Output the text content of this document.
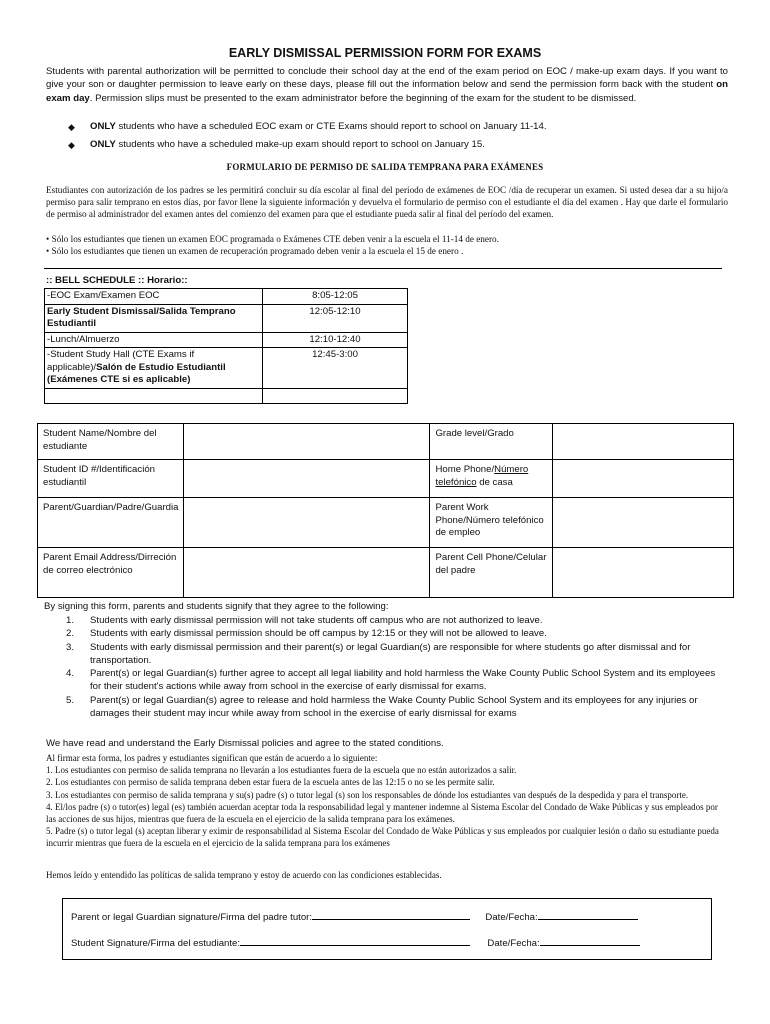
EARLY DISMISSAL PERMISSION FORM FOR EXAMS
Students with parental authorization will be permitted to conclude their school day at the end of the exam period on EOC / make-up exam days. If you want to give your son or daughter permission to leave early on these days, please fill out the information below and send the permission form back with the student on exam day. Permission slips must be presented to the exam administrator before the beginning of the exam for the student to be dismissed.
◆ ONLY students who have a scheduled EOC exam or CTE Exams should report to school on January 11-14.
◆ ONLY students who have a scheduled make-up exam should report to school on January 15.
FORMULARIO DE PERMISO DE SALIDA TEMPRANA PARA EXÁMENES
Estudiantes con autorización de los padres se les permitirá concluir su día escolar al final del período de exámenes de EOC /día de recuperar un examen. Si usted desea dar a su hijo/a permiso para salir temprano en estos días, por favor llene la siguiente información y devuelva el formulario de permiso con el estudiante el día del examen . Hay que darle el formulario de permiso al administrador del examen antes del comienzo del examen para que el estudiante pueda salir al final del período del examen.
• Sólo los estudiantes que tienen un examen EOC programada o Exámenes CTE deben venir a la escuela el 11-14 de enero.
• Sólo los estudiantes que tienen un examen de recuperación programado deben venir a la escuela el 15 de enero .
:: BELL SCHEDULE :: Horario::
-EOC Exam/Examen EOC	8:05-12:05
Early Student Dismissal/Salida Temprano Estudiantil	12:05-12:10
-Lunch/Almuerzo	12:10-12:40
-Student Study Hall (CTE Exams if applicable)/Salón de Estudio Estudiantil (Exámenes CTE si es aplicable)	12:45-3:00

Student Name/Nombre del estudiante		Grade level/Grado	
Student ID #/Identificación estudiantil		Home Phone/Número
telefónico de casa	
Parent/Guardian/Padre/Guardia		Parent Work Phone/Número telefónico de empleo	
Parent Email Address/Dirreción de correo electrónico		Parent Cell Phone/Celular del padre	
By signing this form, parents and students signify that they agree to the following:
1. Students with early dismissal permission will not take students off campus who are not authorized to leave.
2. Students with early dismissal permission should be off campus by 12:15 or they will not be allowed to leave.
3. Students with early dismissal permission and their parent(s) or legal Guardian(s) are responsible for where students go after dismissal and for transportation.
4. Parent(s) or legal Guardian(s) further agree to accept all legal liability and hold harmless the Wake County Public School System and its employees for their student's actions while away from school in the exercise of early dismissal for exams.
5. Parent(s) or legal Guardian(s) agree to release and hold harmless the Wake County Public School System and its employees for any injuries or damages their student may incur while away from school in the exercise of early dismissal for exams
We have read and understand the Early Dismissal policies and agree to the stated conditions.
Al firmar esta forma, los padres y estudiantes significan que están de acuerdo a lo siguiente:
1. Los estudiantes con permiso de salida temprana no llevarán a los estudiantes fuera de la escuela que no están autorizados a salir.
2. Los estudiantes con permiso de salida temprana deben estar fuera de la escuela antes de las 12:15 o no se les permite salir.
3. Los estudiantes con permiso de salida temprana y su(s) padre (s) o tutor legal (s) son los responsables de dónde los estudiantes van después de la despedida y para el transporte.
4. El/los padre (s) o tutor(es) legal (es) también acuerdan aceptar toda la responsabilidad legal y mantener indemne al Sistema Escolar del Condado de Wake Públicas y sus empleados por las acciones de sus hijos, mientras que fuera de la escuela en el ejercicio de la salida temprana para los exámenes.
5. Padre (s) o tutor legal (s) aceptan liberar y eximir de responsabilidad al Sistema Escolar del Condado de Wake Públicas y sus empleados por cualquier lesión o daño su estudiante pueda incurrir mientras que fuera de la escuela en el ejercicio de la salida temprana para los exámenes
Hemos leído y entendido las políticas de salida temprano y estoy de acuerdo con las condiciones establecidas.
Parent or legal Guardian signature/Firma del padre tutor:	Date/Fecha:
Student Signature/Firma del estudiante:	Date/Fecha:
